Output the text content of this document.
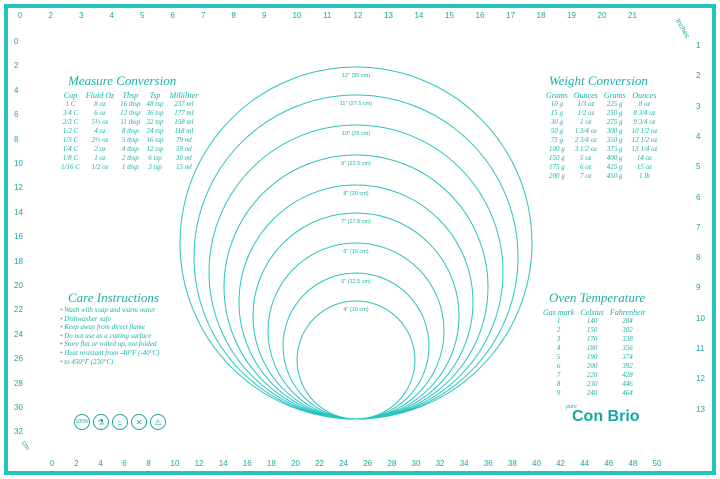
0	2	3	4	5	6	7	8	9	10	11	12	13	14	15	16	17	18	19	20	21
0 2 4 6 8 10 12 14 16 18 20 22 24 26 28 30 32 34 36 38 40 42 44 46 48 50
0
2
4
6
8
10
12
14
16
18
20
22
24
26
28
30
32
1
2
3
4
5
6
7
8
9
10
11
12
13
Inches
cm
12" (30 cm)
11" (27.5 cm)
10" (25 cm)
9" (22.5 cm)
8" (20 cm)
7" (17.5 cm)
6" (15 cm)
5" (12.5 cm)
4" (10 cm)
Measure Conversion
Cup	Fluid Oz	Tbsp	Tsp	Milliliter
1 C	8 oz	16 tbsp	48 tsp	237 ml
3/4 C	6 oz	12 tbsp	36 tsp	177 ml
2/3 C	5⅓ oz	11 tbsp	32 tsp	158 ml
1/2 C	4 oz	8 tbsp	24 tsp	118 ml
1/3 C	2⅔ oz	5 tbsp	16 tsp	79 ml
1/4 C	2 oz	4 tbsp	12 tsp	59 ml
1/8 C	1 oz	2 tbsp	6 tsp	30 ml
1/16 C	1/2 oz	1 tbsp	3 tsp	15 ml
Weight Conversion
Grams	Ounces	Grams	Ounces
10 g	1/3 oz	225 g	8 oz
15 g	1/2 oz	250 g	8 3/4 oz
30 g	1 oz	275 g	9 3/4 oz
50 g	1 3/4 oz	300 g	10 1/2 oz
75 g	2 3/4 oz	350 g	12 1/2 oz
100 g	3 1/2 oz	375 g	13 1/4 oz
150 g	5 oz	400 g	14 oz
175 g	6 oz	425 g	15 oz
200 g	7 oz	450 g	1 lb
Care Instructions
• Wash with soap and warm water
• Dishwasher safe
• Keep away from direct flame
• Do not use as a cutting surface
• Store flat or rolled up, not folded
• Heat resistant from -40°F (-40°C)
• to 450°F (230°C)
Oven Temperature
Gas mark	Celsius	Fahrenheit
1	140	284
2	150	302
3	170	338
4	180	356
5	190	374
6	200	392
7	220	428
8	230	446
9	240	464
100%	⚗	♨	✕	⚠
pure
Con Brio
